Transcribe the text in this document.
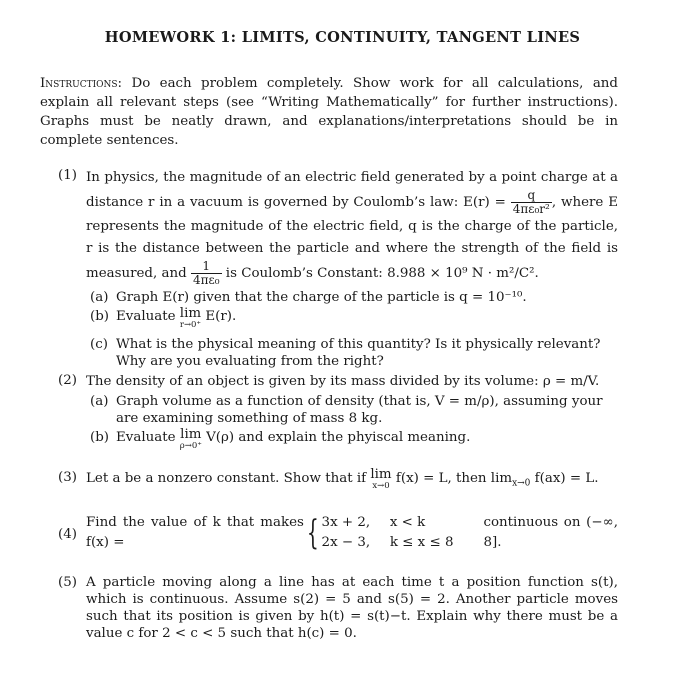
HOMEWORK 1: LIMITS, CONTINUITY, TANGENT LINES
Instructions: Do each problem completely. Show work for all calculations, and explain all relevant steps (see “Writing Mathematically” for further instructions). Graphs must be neatly drawn, and explanations/interpretations should be in complete sentences.
(1) In physics, the magnitude of an electric field generated by a point charge at a distance r in a vacuum is governed by Coulomb’s law: $E(r) = \frac{q}{\text{4πε₀r²}}$ , where E represents the magnitude of the electric field, q is the charge of the particle, r is the distance between the particle and where the strength of the field is measured, and $\frac{1}{\text{4πε₀}}$ is Coulomb’s Constant: 8.988 × 10⁹ N · m²/C².
(a) Graph E(r) given that the charge of the particle is q = 10⁻¹⁰.
(b) Evaluate lim
r→0⁺
E(r).
(c) What is the physical meaning of this quantity? Is it physically relevant? Why are you evaluating from the right?
(2) The density of an object is given by its mass divided by its volume: ρ = m/V.
(a) Graph volume as a function of density (that is, V = m/ρ), assuming your are examining something of mass 8 kg.
(b) Evaluate lim
ρ→0⁺
V(ρ) and explain the phyiscal meaning.
(3) Let a be a nonzero constant. Show that if lim
x→0 f(x) = L, then $\lim_{x\to 0} f(ax) = L$.
(4)
Find the value of k that makes f(x) =	{ 3x + 2, x < k
2x − 3, k ≤ x ≤ 8
continuous on (−∞, 8].
(5) A particle moving along a line has at each time t a position function s(t), which is continuous. Assume s(2) = 5 and s(5) = 2. Another particle moves such that its position is given by h(t) = s(t)−t. Explain why there must be a value c for 2 < c < 5 such that h(c) = 0.
